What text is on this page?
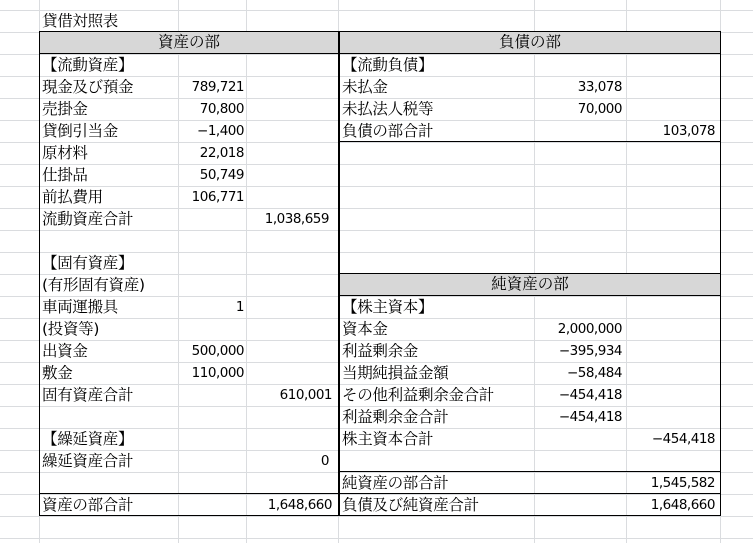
貸借対照表
資産の部	負債の部
純資産の部
【流動資産】
現金及び預金	789,721
売掛金	70,800
貸倒引当金	−1,400
原材料	22,018
仕掛品	50,749
前払費用	106,771
流動資産合計	1,038,659
【固有資産】
(有形固有資産)
車両運搬具	1
(投資等)
出資金	500,000
敷金	110,000
固有資産合計	610,001
【繰延資産】
繰延資産合計	0
資産の部合計	1,648,660
【流動負債】
未払金	33,078
未払法人税等	70,000
負債の部合計	103,078
【株主資本】
資本金	2,000,000
利益剰余金	−395,934
当期純損益金額	−58,484
その他利益剰余金合計	−454,418
利益剰余金合計	−454,418
株主資本合計	−454,418
純資産の部合計	1,545,582
負債及び純資産合計	1,648,660
